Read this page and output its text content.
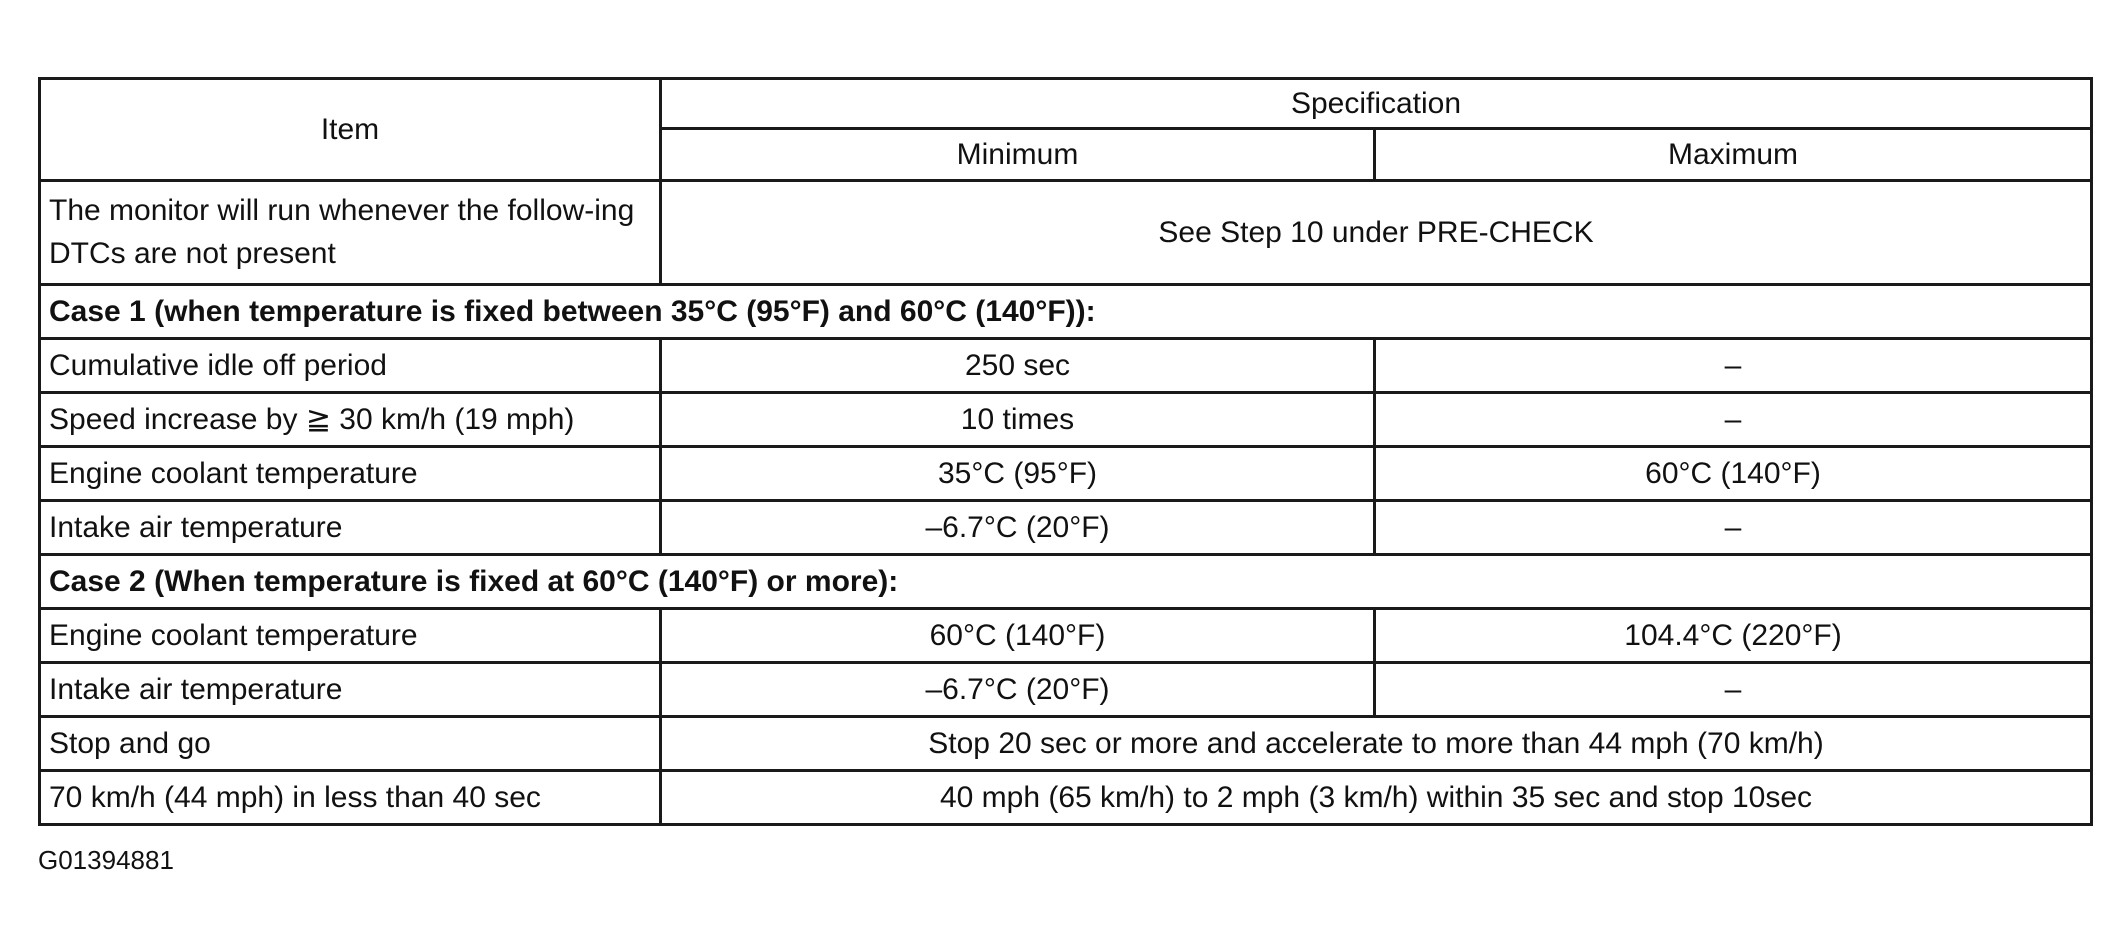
Item	Specification	
	Minimum	Maximum
The monitor will run whenever the follow-ing DTCs are not present	See Step 10 under PRE-CHECK	
Case 1 (when temperature is fixed between 35°C (95°F) and 60°C (140°F)):		
Cumulative idle off period	250 sec	–
Speed increase by ≧ 30 km/h (19 mph)	10 times	–
Engine coolant temperature	35°C (95°F)	60°C (140°F)
Intake air temperature	–6.7°C (20°F)	–
Case 2 (When temperature is fixed at 60°C (140°F) or more):		
Engine coolant temperature	60°C (140°F)	104.4°C (220°F)
Intake air temperature	–6.7°C (20°F)	–
Stop and go	Stop 20 sec or more and accelerate to more than 44 mph (70 km/h)	
70 km/h (44 mph) in less than 40 sec	40 mph (65 km/h) to 2 mph (3 km/h) within 35 sec and stop 10sec	
G01394881
